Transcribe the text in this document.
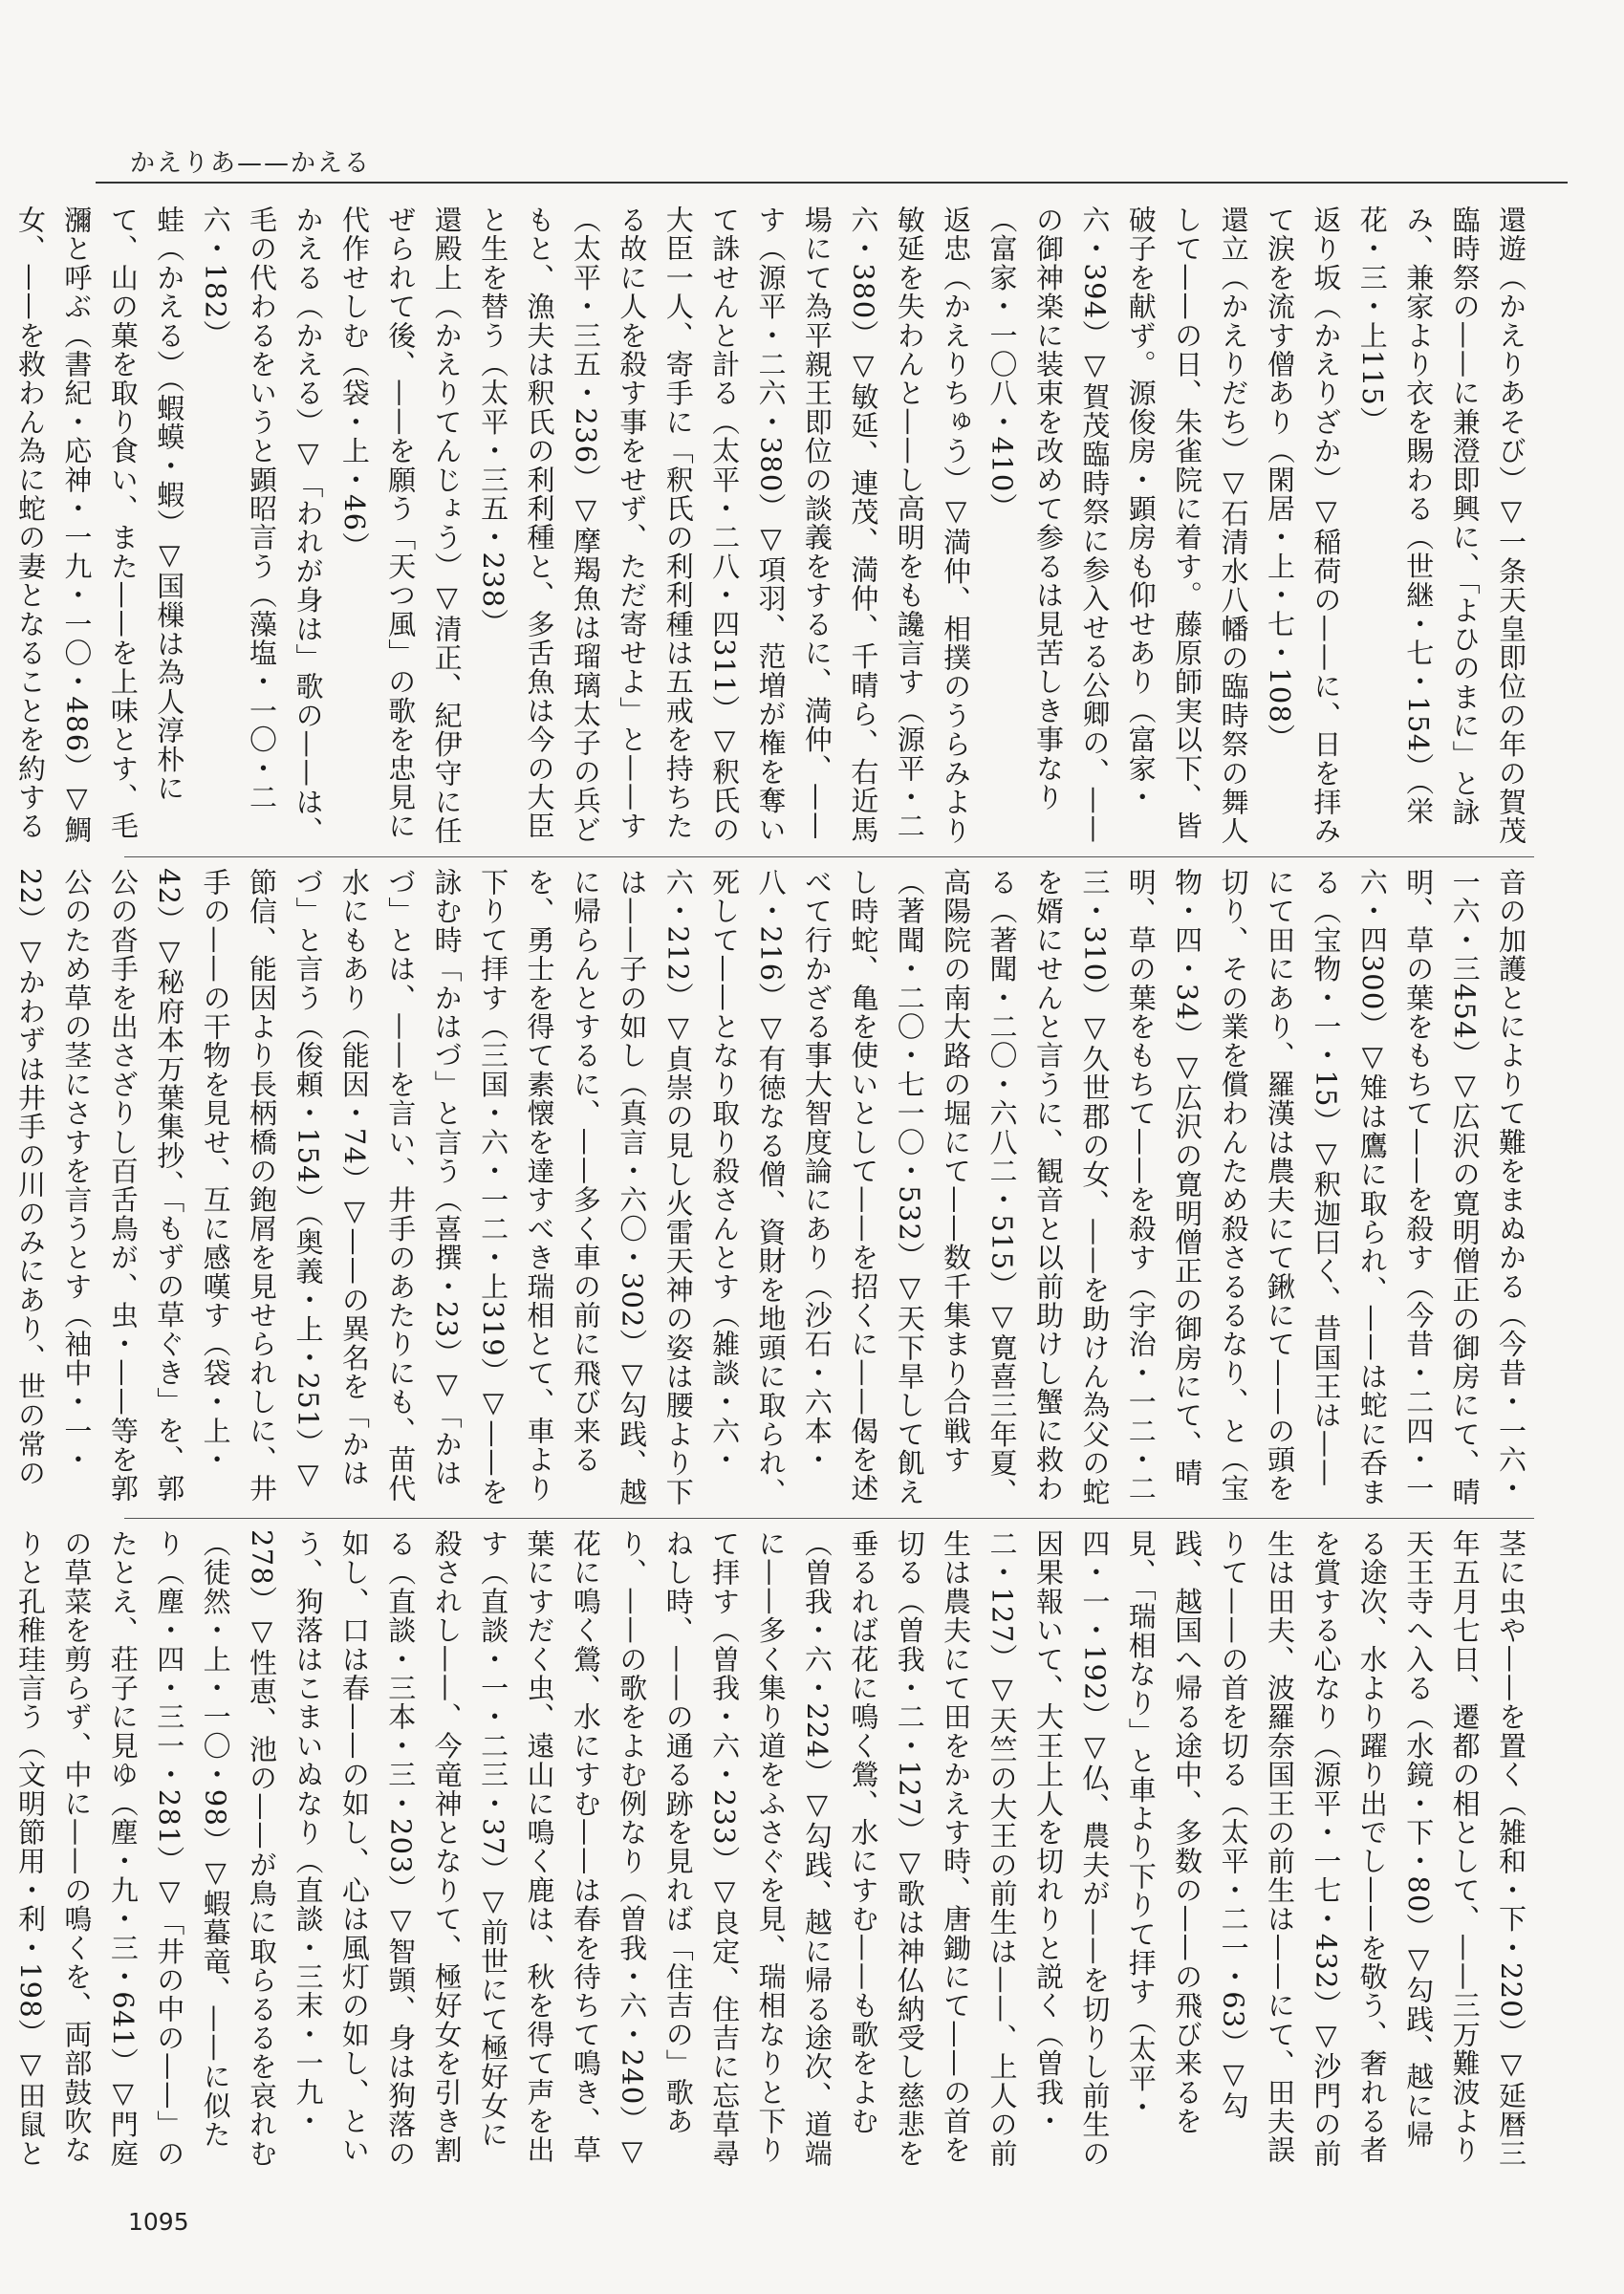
かえりあ——かえる

還遊（かえりあそび）▽一条天皇即位の年の賀茂臨時祭の——に兼澄即興に、「よひのまに」と詠み、兼家より衣を賜わる（世継・七・154）（栄花・三・上115）

返り坂（かえりざか）▽稲荷の——に、日を拝みて涙を流す僧あり（閑居・上・七・108）

還立（かえりだち）▽石清水八幡の臨時祭の舞人して——の日、朱雀院に着す。藤原師実以下、皆破子を献ず。源俊房・顕房も仰せあり（富家・六・394）▽賀茂臨時祭に参入せる公卿の、——の御神楽に装束を改めて参るは見苦しき事なり（富家・一〇八・410）

返忠（かえりちゅう）▽満仲、相撲のうらみより敏延を失わんと——し高明をも讒言す（源平・二六・380）▽敏延、連茂、満仲、千晴ら、右近馬場にて為平親王即位の談義をするに、満仲、——す（源平・二六・380）▽項羽、范増が権を奪いて誅せんと計る（太平・二八・四311）▽釈氏の大臣一人、寄手に「釈氏の利利種は五戒を持ちたる故に人を殺す事をせず、ただ寄せよ」と——す（太平・三五・236）▽摩羯魚は瑠璃太子の兵どもと、漁夫は釈氏の利利種と、多舌魚は今の大臣と生を替う（太平・三五・238）

還殿上（かえりてんじょう）▽清正、紀伊守に任ぜられて後、——を願う「天つ風」の歌を忠見に代作せしむ（袋・上・46）

かえる（かえる）▽「われが身は」歌の——は、毛の代わるをいうと顕昭言う（藻塩・一〇・二六・182）

蛙（かえる）（蝦蟆・蝦）▽国樔は為人淳朴にて、山の菓を取り食い、また——を上味とす、毛瀰と呼ぶ（書紀・応神・一九・一〇・486）▽鯛女、——を救わん為に蛇の妻となることを約する

音の加護とによりて難をまぬかる（今昔・一六・一六・三454）▽広沢の寛明僧正の御房にて、晴明、草の葉をもちて——を殺す（今昔・二四・一六・四300）▽雉は鷹に取られ、——は蛇に呑まる（宝物・一・15）▽釈迦曰く、昔国王は——にて田にあり、羅漢は農夫にて鍬にて——の頭を切り、その業を償わんため殺さるるなり、と（宝物・四・34）▽広沢の寛明僧正の御房にて、晴明、草の葉をもちて——を殺す（宇治・一二・二三・310）▽久世郡の女、——を助けん為父の蛇を婿にせんと言うに、観音と以前助けし蟹に救わる（著聞・二〇・六八二・515）▽寛喜三年夏、高陽院の南大路の堀にて——数千集まり合戦す（著聞・二〇・七一〇・532）▽天下旱して飢えし時蛇、亀を使いとして——を招くに——偈を述べて行かざる事大智度論にあり（沙石・六本・八・216）▽有徳なる僧、資財を地頭に取られ、死して——となり取り殺さんとす（雑談・六・六・212）▽貞崇の見し火雷天神の姿は腰より下は——子の如し（真言・六〇・302）▽勾践、越に帰らんとするに、——多く車の前に飛び来るを、勇士を得て素懐を達すべき瑞相とて、車より下りて拝す（三国・六・一二・上319）▽——を詠む時「かはづ」と言う（喜撰・23）▽「かはづ」とは、——を言い、井手のあたりにも、苗代水にもあり（能因・74）▽——の異名を「かはづ」と言う（俊頼・154）（奥義・上・251）▽節信、能因より長柄橋の鉋屑を見せられしに、井手の——の干物を見せ、互に感嘆す（袋・上・42）▽秘府本万葉集抄、「もずの草ぐき」を、郭公の沓手を出さざりし百舌鳥が、虫・——等を郭公のため草の茎にさすを言うとす（袖中・一・22）▽かわずは井手の川のみにあり、世の常の

茎に虫や——を置く（雑和・下・220）▽延暦三年五月七日、遷都の相として、——三万難波より天王寺へ入る（水鏡・下・80）▽勾践、越に帰る途次、水より躍り出でし——を敬う、奢れる者を賞する心なり（源平・一七・432）▽沙門の前生は田夫、波羅奈国王の前生は——にて、田夫誤りて——の首を切る（太平・二一・63）▽勾践、越国へ帰る途中、多数の——の飛び来るを見、「瑞相なり」と車より下りて拝す（太平・四・一・192）▽仏、農夫が——を切りし前生の因果報いて、大王上人を切れりと説く（曽我・二・127）▽天竺の大王の前生は——、上人の前生は農夫にて田をかえす時、唐鋤にて——の首を切る（曽我・二・127）▽歌は神仏納受し慈悲を垂るれば花に鳴く鶯、水にすむ——も歌をよむ（曽我・六・224）▽勾践、越に帰る途次、道端に——多く集り道をふさぐを見、瑞相なりと下りて拝す（曽我・六・233）▽良定、住吉に忘草尋ねし時、——の通る跡を見れば「住吉の」歌あり、——の歌をよむ例なり（曽我・六・240）▽花に鳴く鶯、水にすむ——は春を待ちて鳴き、草葉にすだく虫、遠山に鳴く鹿は、秋を得て声を出す（直談・一・二三・37）▽前世にて極好女に殺されし——、今竜神となりて、極好女を引き割る（直談・三本・三・203）▽智顗、身は狗落の如し、口は春——の如し、心は風灯の如し、という、狗落はこまいぬなり（直談・三末・一九・278）▽性恵、池の——が鳥に取らるるを哀れむ（徒然・上・一〇・98）▽蝦蟇竜、——に似たり（塵・四・三一・281）▽「井の中の——」のたとえ、荘子に見ゆ（塵・九・三・641）▽門庭の草菜を剪らず、中に——の鳴くを、両部鼓吹なりと孔稚珪言う（文明節用・利・198）▽田鼠と

1095
